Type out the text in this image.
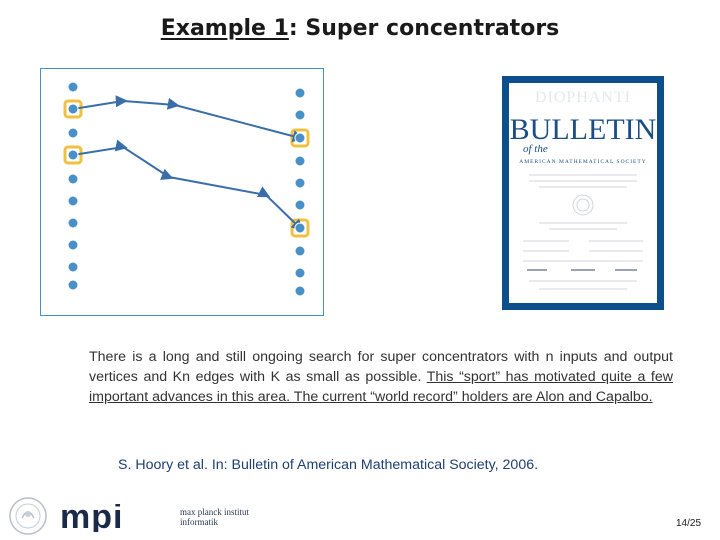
Example 1: Super concentrators
DIOPHANTI
BULLETIN
of the
AMERICAN MATHEMATICAL SOCIETY
There is a long and still ongoing search for super concentrators with n inputs and output vertices and Kn edges with K as small as possible. This “sport” has motivated quite a few important advances in this area. The current “world record” holders are Alon and Capalbo.
S. Hoory et al. In: Bulletin of American Mathematical Society, 2006.
mpi	max planck institut
informatik	14/25
